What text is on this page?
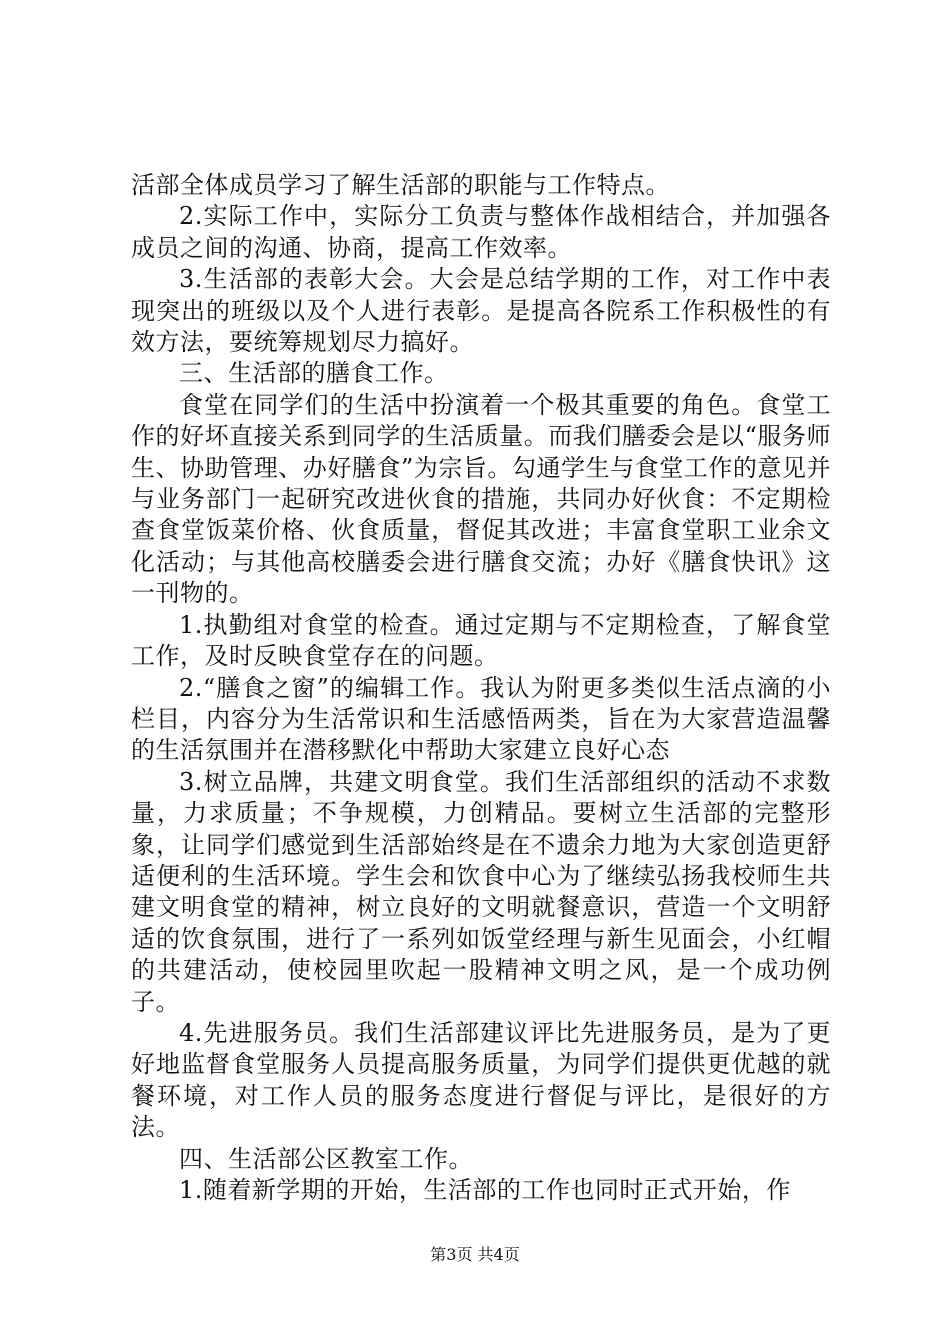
活部全体成员学习了解生活部的职能与工作特点。

2.实际工作中，实际分工负责与整体作战相结合，并加强各成员之间的沟通、协商，提高工作效率。

3.生活部的表彰大会。大会是总结学期的工作，对工作中表现突出的班级以及个人进行表彰。是提高各院系工作积极性的有效方法，要统筹规划尽力搞好。

三、生活部的膳食工作。

食堂在同学们的生活中扮演着一个极其重要的角色。食堂工作的好坏直接关系到同学的生活质量。而我们膳委会是以“服务师生、协助管理、办好膳食”为宗旨。勾通学生与食堂工作的意见并与业务部门一起研究改进伙食的措施，共同办好伙食：不定期检查食堂饭菜价格、伙食质量，督促其改进；丰富食堂职工业余文化活动；与其他高校膳委会进行膳食交流；办好《膳食快讯》这一刊物的。

1.执勤组对食堂的检查。通过定期与不定期检查，了解食堂工作，及时反映食堂存在的问题。

2.“膳食之窗”的编辑工作。我认为附更多类似生活点滴的小栏目，内容分为生活常识和生活感悟两类，旨在为大家营造温馨的生活氛围并在潜移默化中帮助大家建立良好心态

3.树立品牌，共建文明食堂。我们生活部组织的活动不求数量，力求质量；不争规模，力创精品。要树立生活部的完整形象，让同学们感觉到生活部始终是在不遗余力地为大家创造更舒适便利的生活环境。学生会和饮食中心为了继续弘扬我校师生共建文明食堂的精神，树立良好的文明就餐意识，营造一个文明舒适的饮食氛围，进行了一系列如饭堂经理与新生见面会，小红帽的共建活动，使校园里吹起一股精神文明之风，是一个成功例子。

4.先进服务员。我们生活部建议评比先进服务员，是为了更好地监督食堂服务人员提高服务质量，为同学们提供更优越的就餐环境，对工作人员的服务态度进行督促与评比，是很好的方法。

四、生活部公区教室工作。

1.随着新学期的开始，生活部的工作也同时正式开始，作

第3页 共4页
